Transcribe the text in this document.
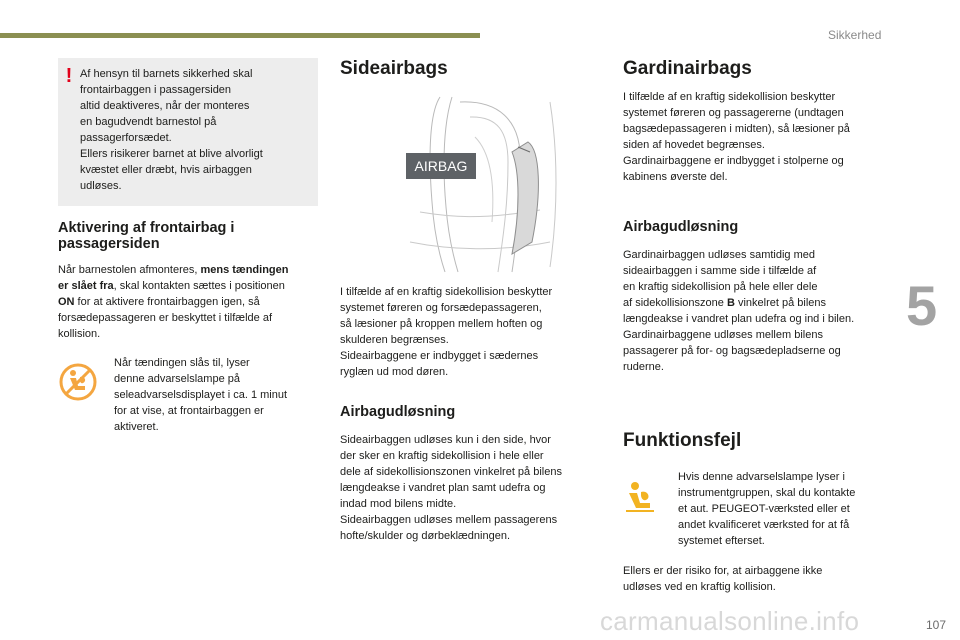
Sikkerhed
5
carmanualsonline.info	107
! Af hensyn til barnets sikkerhed skal
frontairbaggen i passagersiden
altid deaktiveres, når der monteres
en bagudvendt barnestol på
passagerforsædet.
Ellers risikerer barnet at blive alvorligt
kvæstet eller dræbt, hvis airbaggen
udløses.
Aktivering af frontairbag i passagersiden
Når barnestolen afmonteres, mens tændingen
er slået fra, skal kontakten sættes i positionen
ON for at aktivere frontairbaggen igen, så
forsædepassageren er beskyttet i tilfælde af
kollision.
Når tændingen slås til, lyser
denne advarselslampe på
seleadvarselsdisplayet i ca. 1 minut
for at vise, at frontairbaggen er
aktiveret.
Sideairbags
AIRBAG
I tilfælde af en kraftig sidekollision beskytter
systemet føreren og forsædepassageren,
så læsioner på kroppen mellem hoften og
skulderen begrænses.
Sideairbaggene er indbygget i sædernes
ryglæn ud mod døren.
Airbagudløsning
Sideairbaggen udløses kun i den side, hvor
der sker en kraftig sidekollision i hele eller
dele af sidekollisionszonen vinkelret på bilens
længdeakse i vandret plan samt udefra og
indad mod bilens midte.
Sideairbaggen udløses mellem passagerens
hofte/skulder og dørbeklædningen.
Gardinairbags
I tilfælde af en kraftig sidekollision beskytter
systemet føreren og passagererne (undtagen
bagsædepassageren i midten), så læsioner på
siden af hovedet begrænses.
Gardinairbaggene er indbygget i stolperne og
kabinens øverste del.
Airbagudløsning
Gardinairbaggen udløses samtidig med
sideairbaggen i samme side i tilfælde af
en kraftig sidekollision på hele eller dele
af sidekollisionszone B vinkelret på bilens
længdeakse i vandret plan udefra og ind i bilen.
Gardinairbaggene udløses mellem bilens
passagerer på for- og bagsædepladserne og
ruderne.
Funktionsfejl
Hvis denne advarselslampe lyser i
instrumentgruppen, skal du kontakte
et aut. PEUGEOT-værksted eller et
andet kvalificeret værksted for at få
systemet efterset.
Ellers er der risiko for, at airbaggene ikke
udløses ved en kraftig kollision.
